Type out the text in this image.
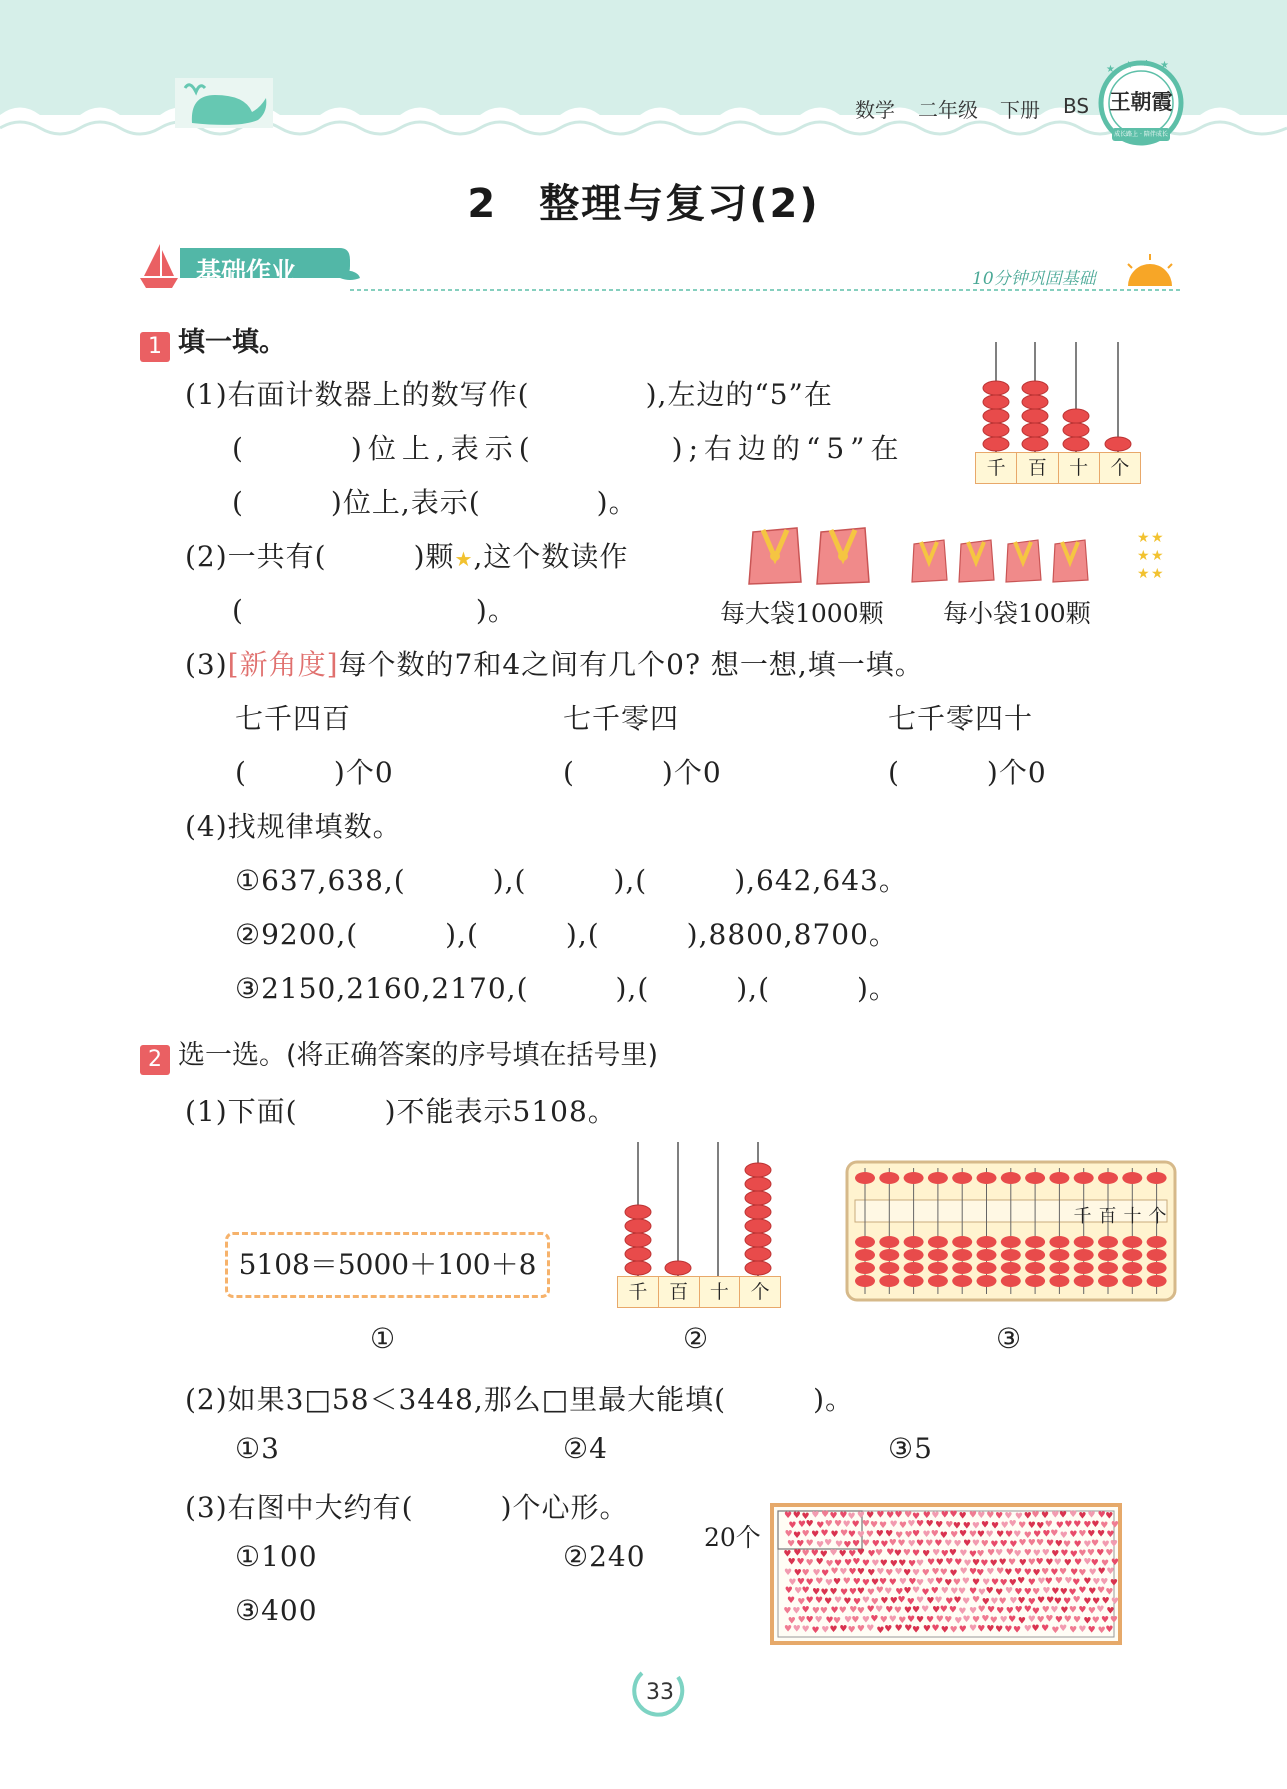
数学 二年级 下册 BS
★ ★ ★ ★
王朝霞
成长路上 · 陪伴成长
2　整理与复习(2)
基础作业	10分钟巩固基础
1 填一填。
(1)右面计数器上的数写作(　　　　),左边的“5”在
(　　　)位上,表示(　　　　);右边的“5”在
(　　　)位上,表示(　　　　)。
千	百	十	个
(2)一共有(　　　)颗★,这个数读作
(　　　　　　　　)。
★ ★
★ ★
★ ★
每大袋1000颗 每小袋100颗
(3)[新角度]每个数的7和4之间有几个0? 想一想,填一填。
七千四百	七千零四	七千零四十
(　　　)个0	(　　　)个0	(　　　)个0
(4)找规律填数。
①637,638,(　　　),(　　　),(　　　),642,643。
②9200,(　　　),(　　　),(　　　),8800,8700。
③2150,2160,2170,(　　　),(　　　),(　　　)。
2 选一选。(将正确答案的序号填在括号里)
(1)下面(　　　)不能表示5108。
5108＝5000＋100＋8
千	百	十	个
千 百 十 个
①	②	③
(2)如果3□58＜3448,那么□里最大能填(　　　)。
①3	②4	③5
(3)右图中大约有(　　　)个心形。
①100	②240
③400
20个
♥ ♥ ♥ ♥ ♥ ♥ ♥ ♥ ♥ ♥ ♥ ♥ ♥ ♥ ♥ ♥ ♥ ♥ ♥ ♥ ♥ ♥ ♥ ♥ ♥ ♥ ♥ ♥ ♥ ♥ ♥ ♥ ♥ ♥ ♥ ♥
♥ ♥ ♥ ♥ ♥ ♥ ♥ ♥ ♥ ♥ ♥ ♥ ♥ ♥ ♥ ♥ ♥ ♥ ♥ ♥ ♥ ♥ ♥ ♥ ♥ ♥ ♥ ♥ ♥ ♥ ♥ ♥ ♥ ♥ ♥ ♥
♥ ♥ ♥ ♥ ♥ ♥ ♥ ♥ ♥ ♥ ♥ ♥ ♥ ♥ ♥ ♥ ♥ ♥ ♥ ♥ ♥ ♥ ♥ ♥ ♥ ♥ ♥ ♥ ♥ ♥ ♥ ♥ ♥ ♥ ♥ ♥
♥ ♥ ♥ ♥ ♥ ♥ ♥ ♥ ♥ ♥ ♥ ♥ ♥ ♥ ♥ ♥ ♥ ♥ ♥ ♥ ♥ ♥ ♥ ♥ ♥ ♥ ♥ ♥ ♥ ♥ ♥ ♥ ♥ ♥ ♥ ♥
♥ ♥ ♥ ♥ ♥ ♥ ♥ ♥ ♥ ♥ ♥ ♥ ♥ ♥ ♥ ♥ ♥ ♥ ♥ ♥ ♥ ♥ ♥ ♥ ♥ ♥ ♥ ♥ ♥ ♥ ♥ ♥ ♥ ♥ ♥ ♥
♥ ♥ ♥ ♥ ♥ ♥ ♥ ♥ ♥ ♥ ♥ ♥ ♥ ♥ ♥ ♥ ♥ ♥ ♥ ♥ ♥ ♥ ♥ ♥ ♥ ♥ ♥ ♥ ♥ ♥ ♥ ♥ ♥ ♥ ♥ ♥
♥ ♥ ♥ ♥ ♥ ♥ ♥ ♥ ♥ ♥ ♥ ♥ ♥ ♥ ♥ ♥ ♥ ♥ ♥ ♥ ♥ ♥ ♥ ♥ ♥ ♥ ♥ ♥ ♥ ♥ ♥ ♥ ♥ ♥ ♥ ♥
♥ ♥ ♥ ♥ ♥ ♥ ♥ ♥ ♥ ♥ ♥ ♥ ♥ ♥ ♥ ♥ ♥ ♥ ♥ ♥ ♥ ♥ ♥ ♥ ♥ ♥ ♥ ♥ ♥ ♥ ♥ ♥ ♥ ♥ ♥ ♥
♥ ♥ ♥ ♥ ♥ ♥ ♥ ♥ ♥ ♥ ♥ ♥ ♥ ♥ ♥ ♥ ♥ ♥ ♥ ♥ ♥ ♥ ♥ ♥ ♥ ♥ ♥ ♥ ♥ ♥ ♥ ♥ ♥ ♥ ♥ ♥
♥ ♥ ♥ ♥ ♥ ♥ ♥ ♥ ♥ ♥ ♥ ♥ ♥ ♥ ♥ ♥ ♥ ♥ ♥ ♥ ♥ ♥ ♥ ♥ ♥ ♥ ♥ ♥ ♥ ♥ ♥ ♥ ♥ ♥ ♥ ♥
♥ ♥ ♥ ♥ ♥ ♥ ♥ ♥ ♥ ♥ ♥ ♥ ♥ ♥ ♥ ♥ ♥ ♥ ♥ ♥ ♥ ♥ ♥ ♥ ♥ ♥ ♥ ♥ ♥ ♥ ♥ ♥ ♥ ♥ ♥ ♥
♥ ♥ ♥ ♥ ♥ ♥ ♥ ♥ ♥ ♥ ♥ ♥ ♥ ♥ ♥ ♥ ♥ ♥ ♥ ♥ ♥ ♥ ♥ ♥ ♥ ♥ ♥ ♥ ♥ ♥ ♥ ♥ ♥ ♥ ♥ ♥
♥ ♥ ♥ ♥ ♥ ♥ ♥ ♥ ♥ ♥ ♥ ♥ ♥ ♥ ♥ ♥ ♥ ♥ ♥ ♥ ♥ ♥ ♥ ♥ ♥ ♥ ♥ ♥ ♥ ♥ ♥ ♥ ♥ ♥ ♥ ♥
33
